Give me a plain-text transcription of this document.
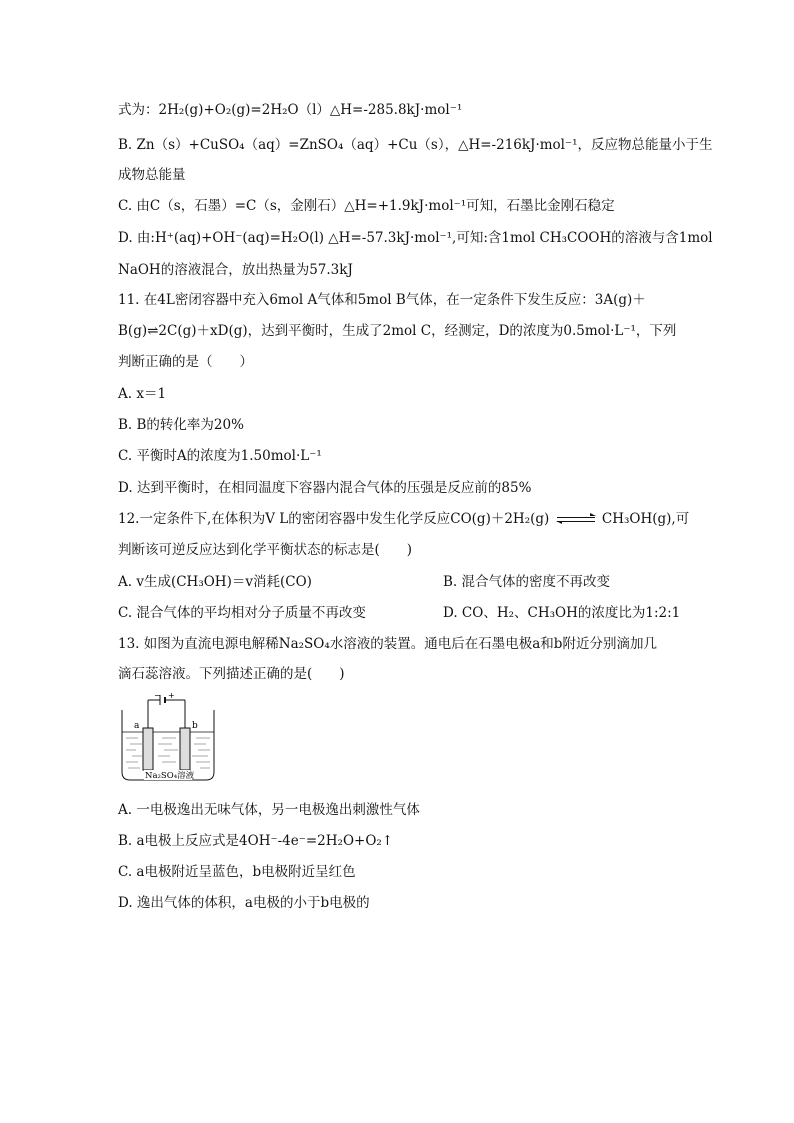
式为：2H₂(g)+O₂(g)=2H₂O（l）△H=-285.8kJ·mol⁻¹
B. Zn（s）+CuSO₄（aq）=ZnSO₄（aq）+Cu（s），△H=-216kJ·mol⁻¹，反应物总能量小于生
成物总能量
C. 由C（s，石墨）=C（s，金刚石）△H=+1.9kJ·mol⁻¹可知，石墨比金刚石稳定
D. 由:H⁺(aq)+OH⁻(aq)=H₂O(l) △H=-57.3kJ·mol⁻¹,可知:含1mol CH₃COOH的溶液与含1mol
NaOH的溶液混合，放出热量为57.3kJ
11. 在4L密闭容器中充入6mol A气体和5mol B气体，在一定条件下发生反应：3A(g)＋
B(g)⇌2C(g)＋xD(g)，达到平衡时，生成了2mol C，经测定，D的浓度为0.5mol·L⁻¹，下列
判断正确的是（　　）
A. x＝1
B. B的转化率为20%
C. 平衡时A的浓度为1.50mol·L⁻¹
D. 达到平衡时，在相同温度下容器内混合气体的压强是反应前的85%
12.一定条件下,在体积为V L的密闭容器中发生化学反应CO(g)＋2H₂(g)	CH₃OH(g),可
判断该可逆反应达到化学平衡状态的标志是(　　)
A. v生成(CH₃OH)＝v消耗(CO)	B. 混合气体的密度不再改变
C. 混合气体的平均相对分子质量不再改变	D. CO、H₂、CH₃OH的浓度比为1:2:1
13. 如图为直流电源电解稀Na₂SO₄水溶液的装置。通电后在石墨电极a和b附近分别滴加几
滴石蕊溶液。下列描述正确的是(　　)
− +
a	b
Na₂SO₄溶液
A. 一电极逸出无味气体，另一电极逸出刺激性气体
B. a电极上反应式是4OH⁻-4e⁻=2H₂O+O₂↑
C. a电极附近呈蓝色，b电极附近呈红色
D. 逸出气体的体积，a电极的小于b电极的
